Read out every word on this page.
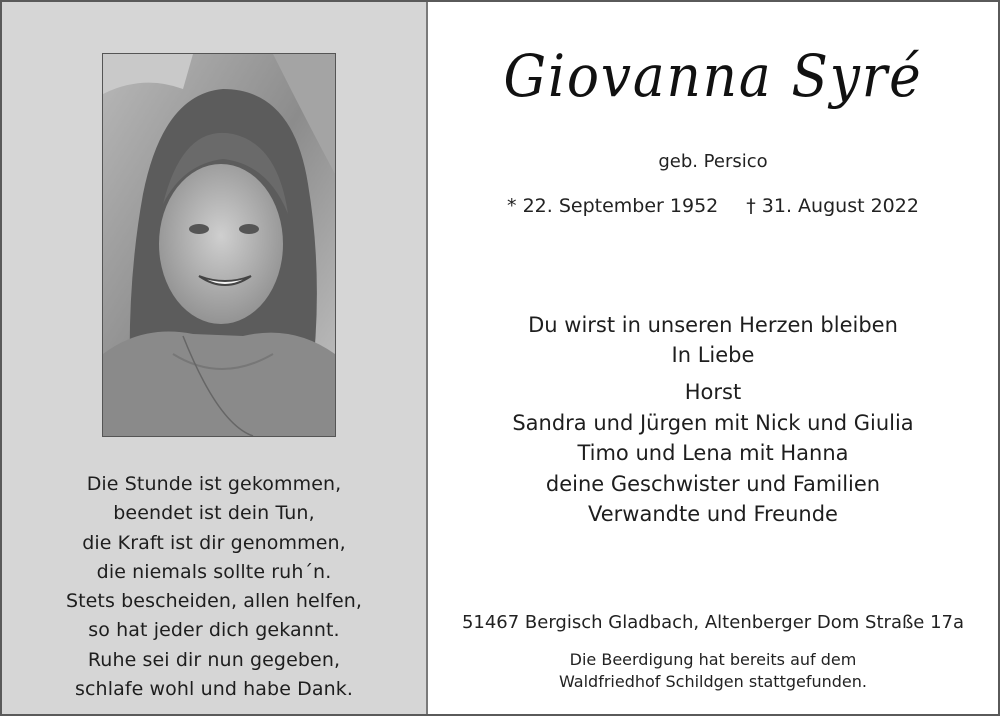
Die Stunde ist gekommen,
beendet ist dein Tun,
die Kraft ist dir genommen,
die niemals sollte ruh´n.
Stets bescheiden, allen helfen,
so hat jeder dich gekannt.
Ruhe sei dir nun gegeben,
schlafe wohl und habe Dank.
Giovanna Syré
geb. Persico
* 22. September 1952 † 31. August 2022
Du wirst in unseren Herzen bleiben
In Liebe
Horst
Sandra und Jürgen mit Nick und Giulia
Timo und Lena mit Hanna
deine Geschwister und Familien
Verwandte und Freunde
51467 Bergisch Gladbach, Altenberger Dom Straße 17a
Die Beerdigung hat bereits auf dem
Waldfriedhof Schildgen stattgefunden.
